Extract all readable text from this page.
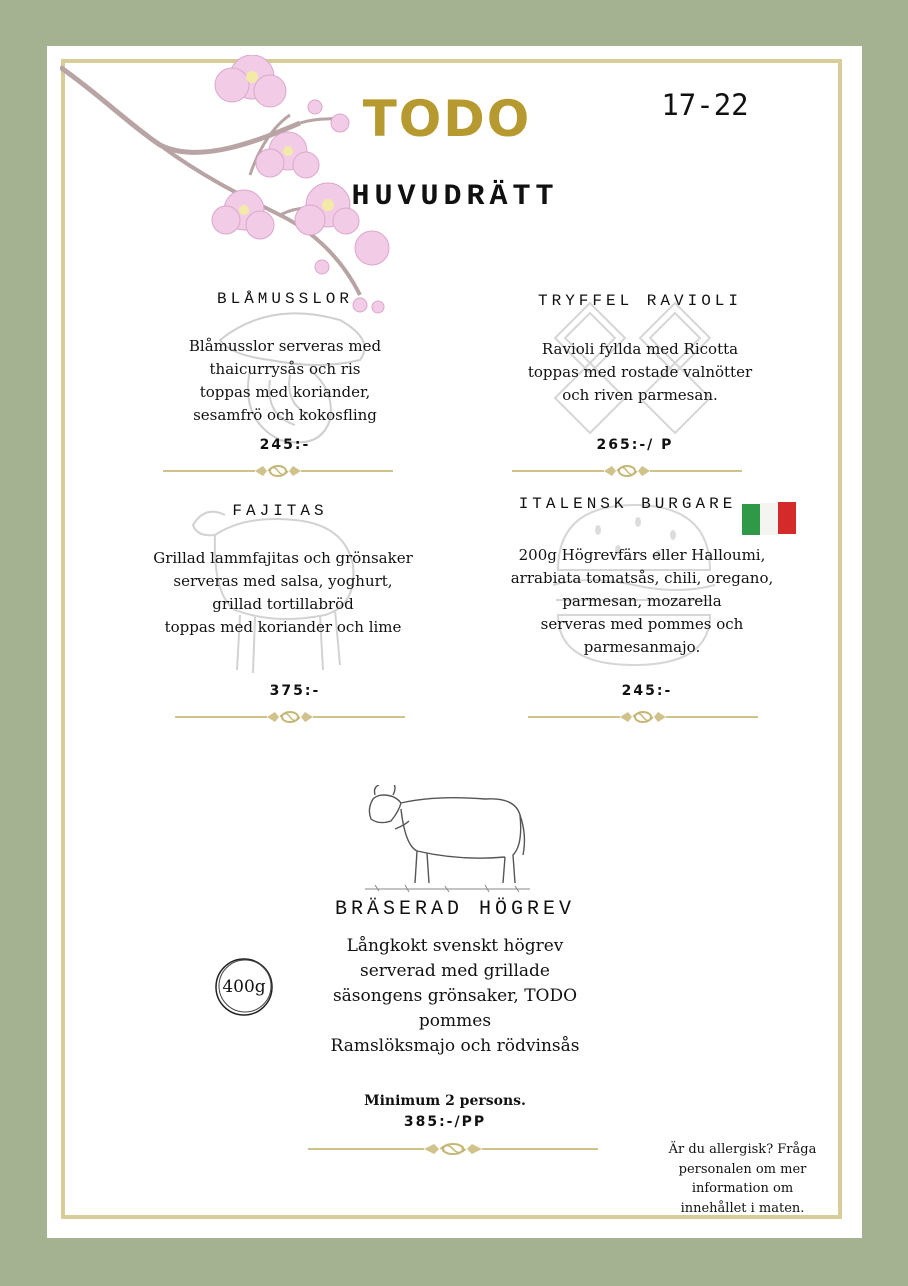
TODO	17-22
HUVUDRÄTT
BLÅMUSSLOR
Blåmusslor serveras med
thaicurrysås och ris
toppas med koriander,
sesamfrö och kokosfling
245:-
TRYFFEL RAVIOLI
Ravioli fyllda med Ricotta
toppas med rostade valnötter
och riven parmesan.
265:-/ P
FAJITAS
Grillad lammfajitas och grönsaker
serveras med salsa, yoghurt,
grillad tortillabröd
toppas med koriander och lime
375:-
ITALENSK BURGARE
200g Högrevfärs eller Halloumi,
arrabiata tomatsås, chili, oregano,
parmesan, mozarella
serveras med pommes och
parmesanmajo.
245:-
BRÄSERAD HÖGREV
Långkokt svenskt högrev
serverad med grillade
säsongens grönsaker, TODO
pommes
Ramslöksmajo och rödvinsås
400g
Minimum 2 persons.
385:-/PP
Är du allergisk? Fråga
personalen om mer
information om
innehållet i maten.
